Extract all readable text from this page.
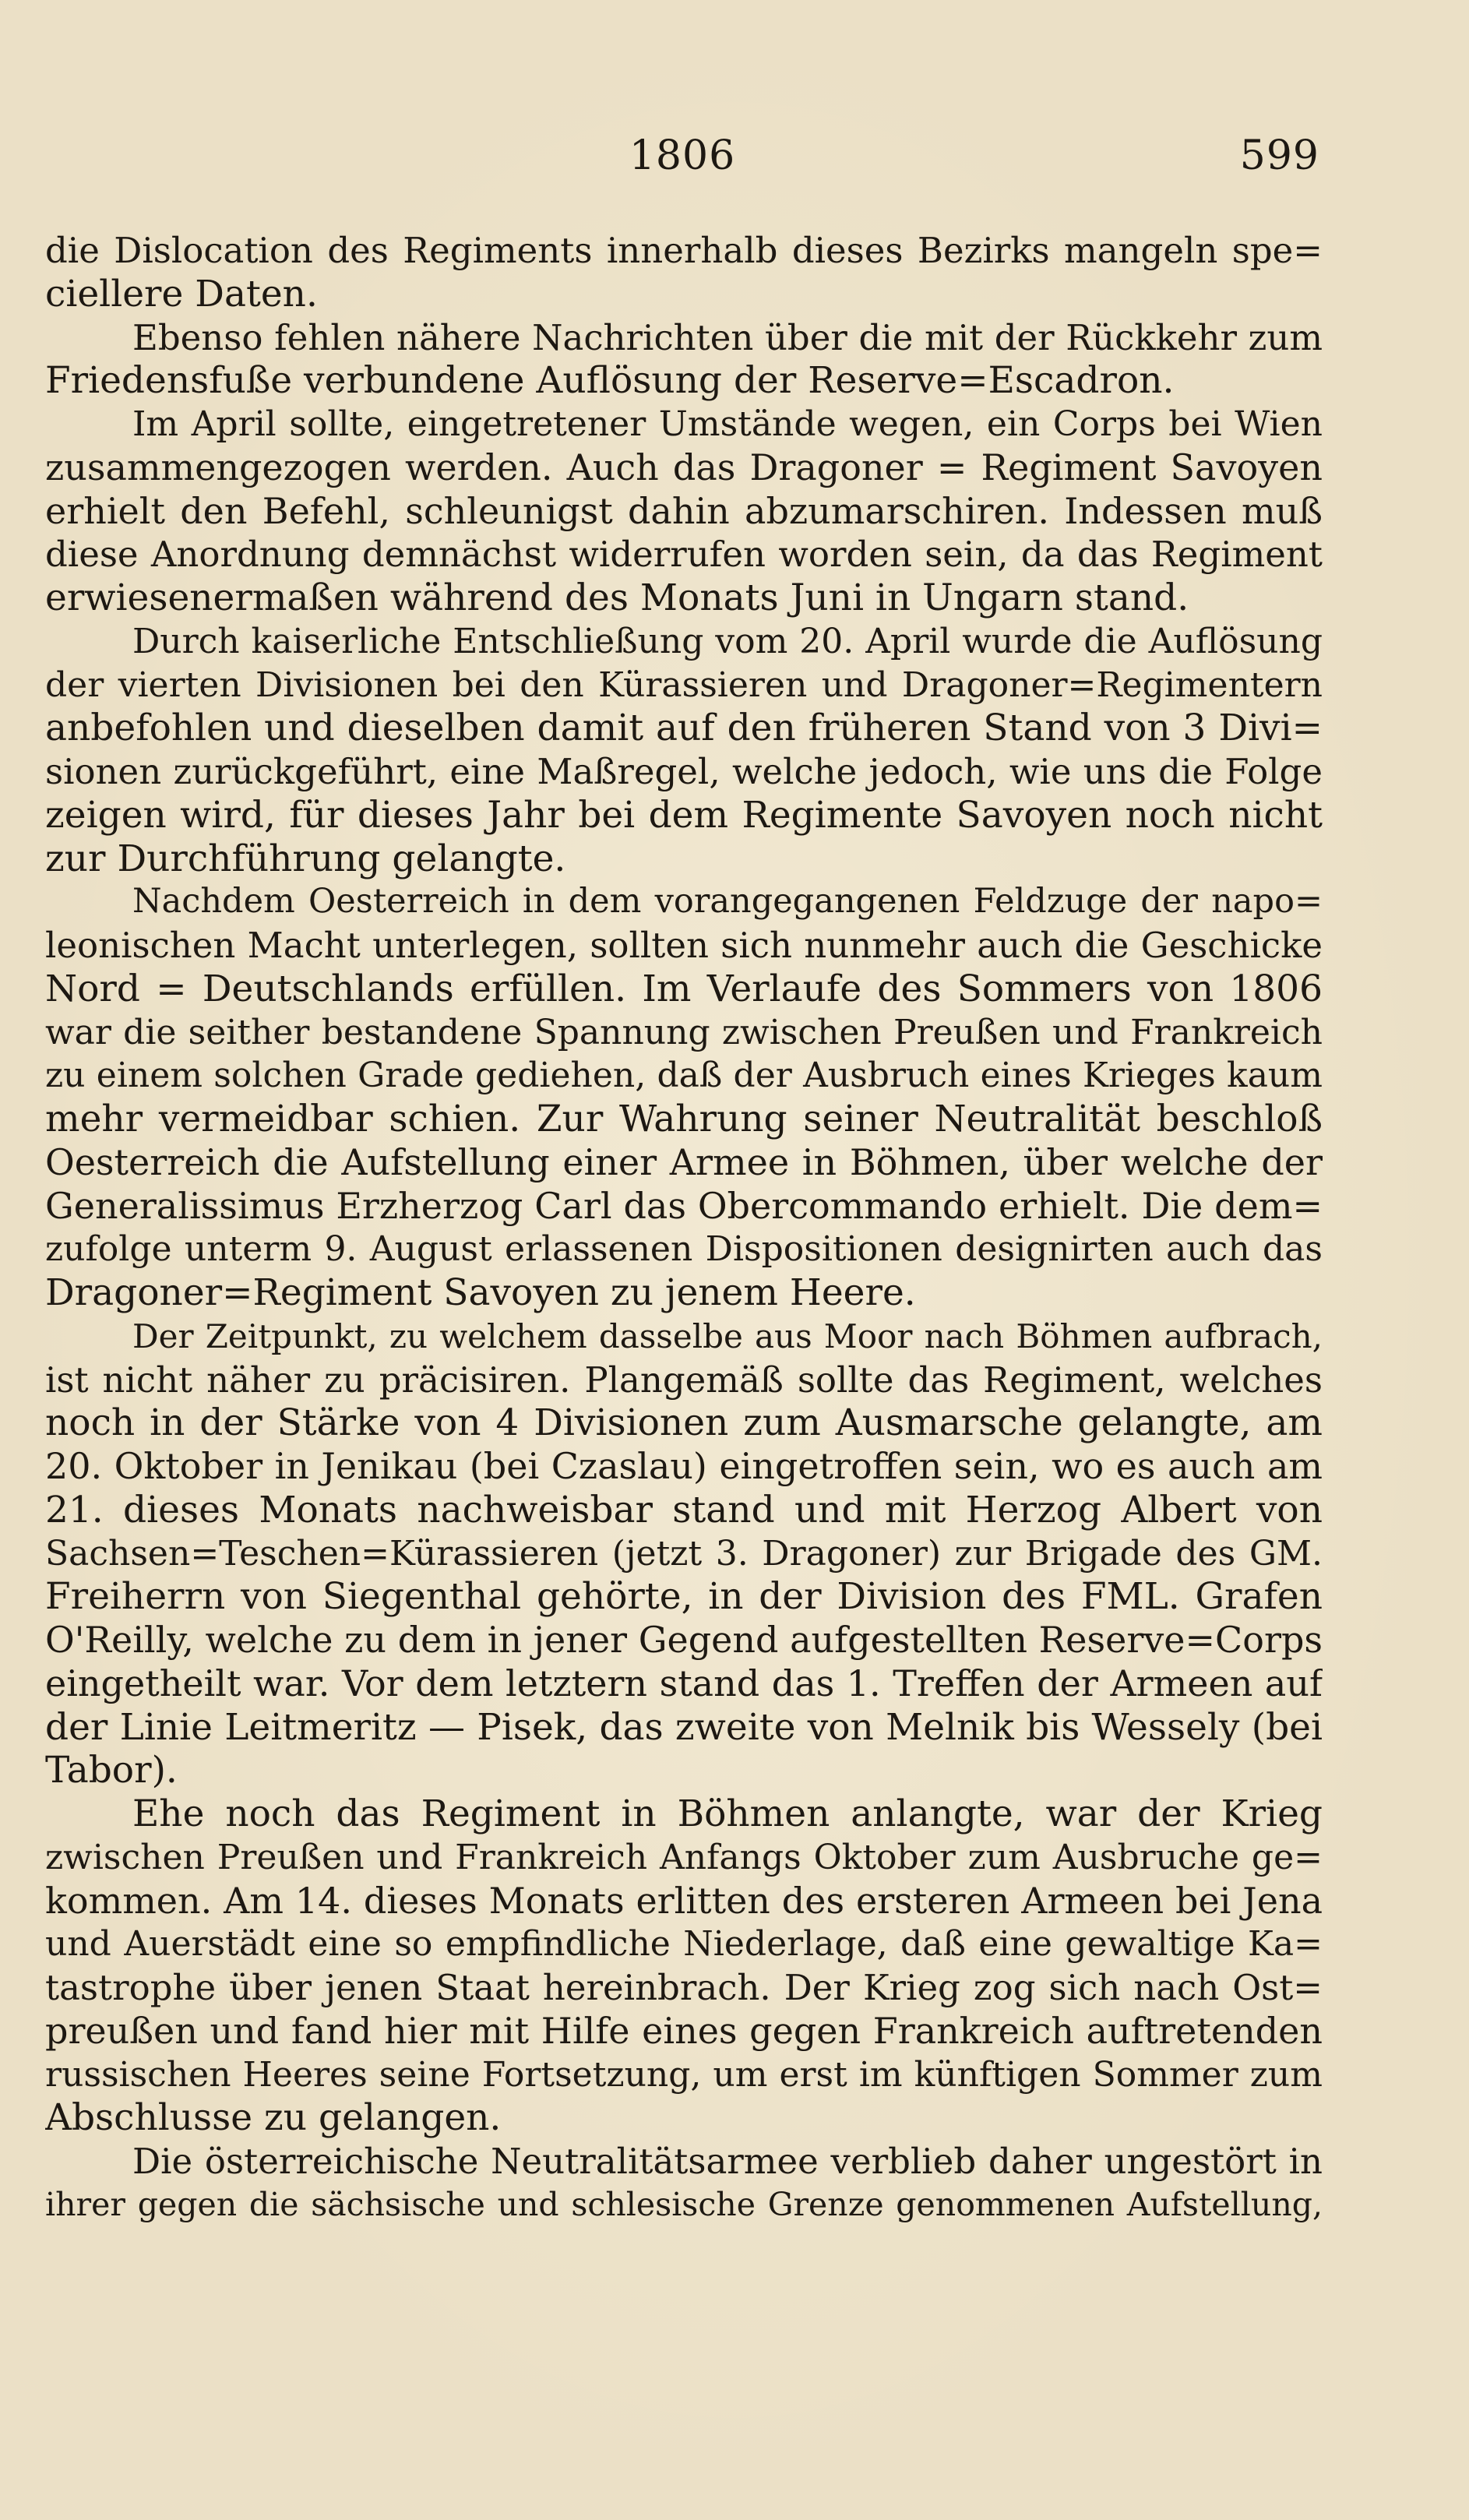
1806	599
die Dislocation des Regiments innerhalb dieses Bezirks mangeln spe=
ciellere Daten.
Ebenso fehlen nähere Nachrichten über die mit der Rückkehr zum
Friedensfuße verbundene Auflösung der Reserve=Escadron.
Im April sollte, eingetretener Umstände wegen, ein Corps bei Wien
zusammengezogen werden. Auch das Dragoner = Regiment Savoyen
erhielt den Befehl, schleunigst dahin abzumarschiren. Indessen muß
diese Anordnung demnächst widerrufen worden sein, da das Regiment
erwiesenermaßen während des Monats Juni in Ungarn stand.
Durch kaiserliche Entschließung vom 20. April wurde die Auflösung
der vierten Divisionen bei den Kürassieren und Dragoner=Regimentern
anbefohlen und dieselben damit auf den früheren Stand von 3 Divi=
sionen zurückgeführt, eine Maßregel, welche jedoch, wie uns die Folge
zeigen wird, für dieses Jahr bei dem Regimente Savoyen noch nicht
zur Durchführung gelangte.
Nachdem Oesterreich in dem vorangegangenen Feldzuge der napo=
leonischen Macht unterlegen, sollten sich nunmehr auch die Geschicke
Nord = Deutschlands erfüllen. Im Verlaufe des Sommers von 1806
war die seither bestandene Spannung zwischen Preußen und Frankreich
zu einem solchen Grade gediehen, daß der Ausbruch eines Krieges kaum
mehr vermeidbar schien. Zur Wahrung seiner Neutralität beschloß
Oesterreich die Aufstellung einer Armee in Böhmen, über welche der
Generalissimus Erzherzog Carl das Obercommando erhielt. Die dem=
zufolge unterm 9. August erlassenen Dispositionen designirten auch das
Dragoner=Regiment Savoyen zu jenem Heere.
Der Zeitpunkt, zu welchem dasselbe aus Moor nach Böhmen aufbrach,
ist nicht näher zu präcisiren. Plangemäß sollte das Regiment, welches
noch in der Stärke von 4 Divisionen zum Ausmarsche gelangte, am
20. Oktober in Jenikau (bei Czaslau) eingetroffen sein, wo es auch am
21. dieses Monats nachweisbar stand und mit Herzog Albert von
Sachsen=Teschen=Kürassieren (jetzt 3. Dragoner) zur Brigade des GM.
Freiherrn von Siegenthal gehörte, in der Division des FML. Grafen
O'Reilly, welche zu dem in jener Gegend aufgestellten Reserve=Corps
eingetheilt war. Vor dem letztern stand das 1. Treffen der Armeen auf
der Linie Leitmeritz — Pisek, das zweite von Melnik bis Wessely (bei
Tabor).
Ehe noch das Regiment in Böhmen anlangte, war der Krieg
zwischen Preußen und Frankreich Anfangs Oktober zum Ausbruche ge=
kommen. Am 14. dieses Monats erlitten des ersteren Armeen bei Jena
und Auerstädt eine so empfindliche Niederlage, daß eine gewaltige Ka=
tastrophe über jenen Staat hereinbrach. Der Krieg zog sich nach Ost=
preußen und fand hier mit Hilfe eines gegen Frankreich auftretenden
russischen Heeres seine Fortsetzung, um erst im künftigen Sommer zum
Abschlusse zu gelangen.
Die österreichische Neutralitätsarmee verblieb daher ungestört in
ihrer gegen die sächsische und schlesische Grenze genommenen Aufstellung,
